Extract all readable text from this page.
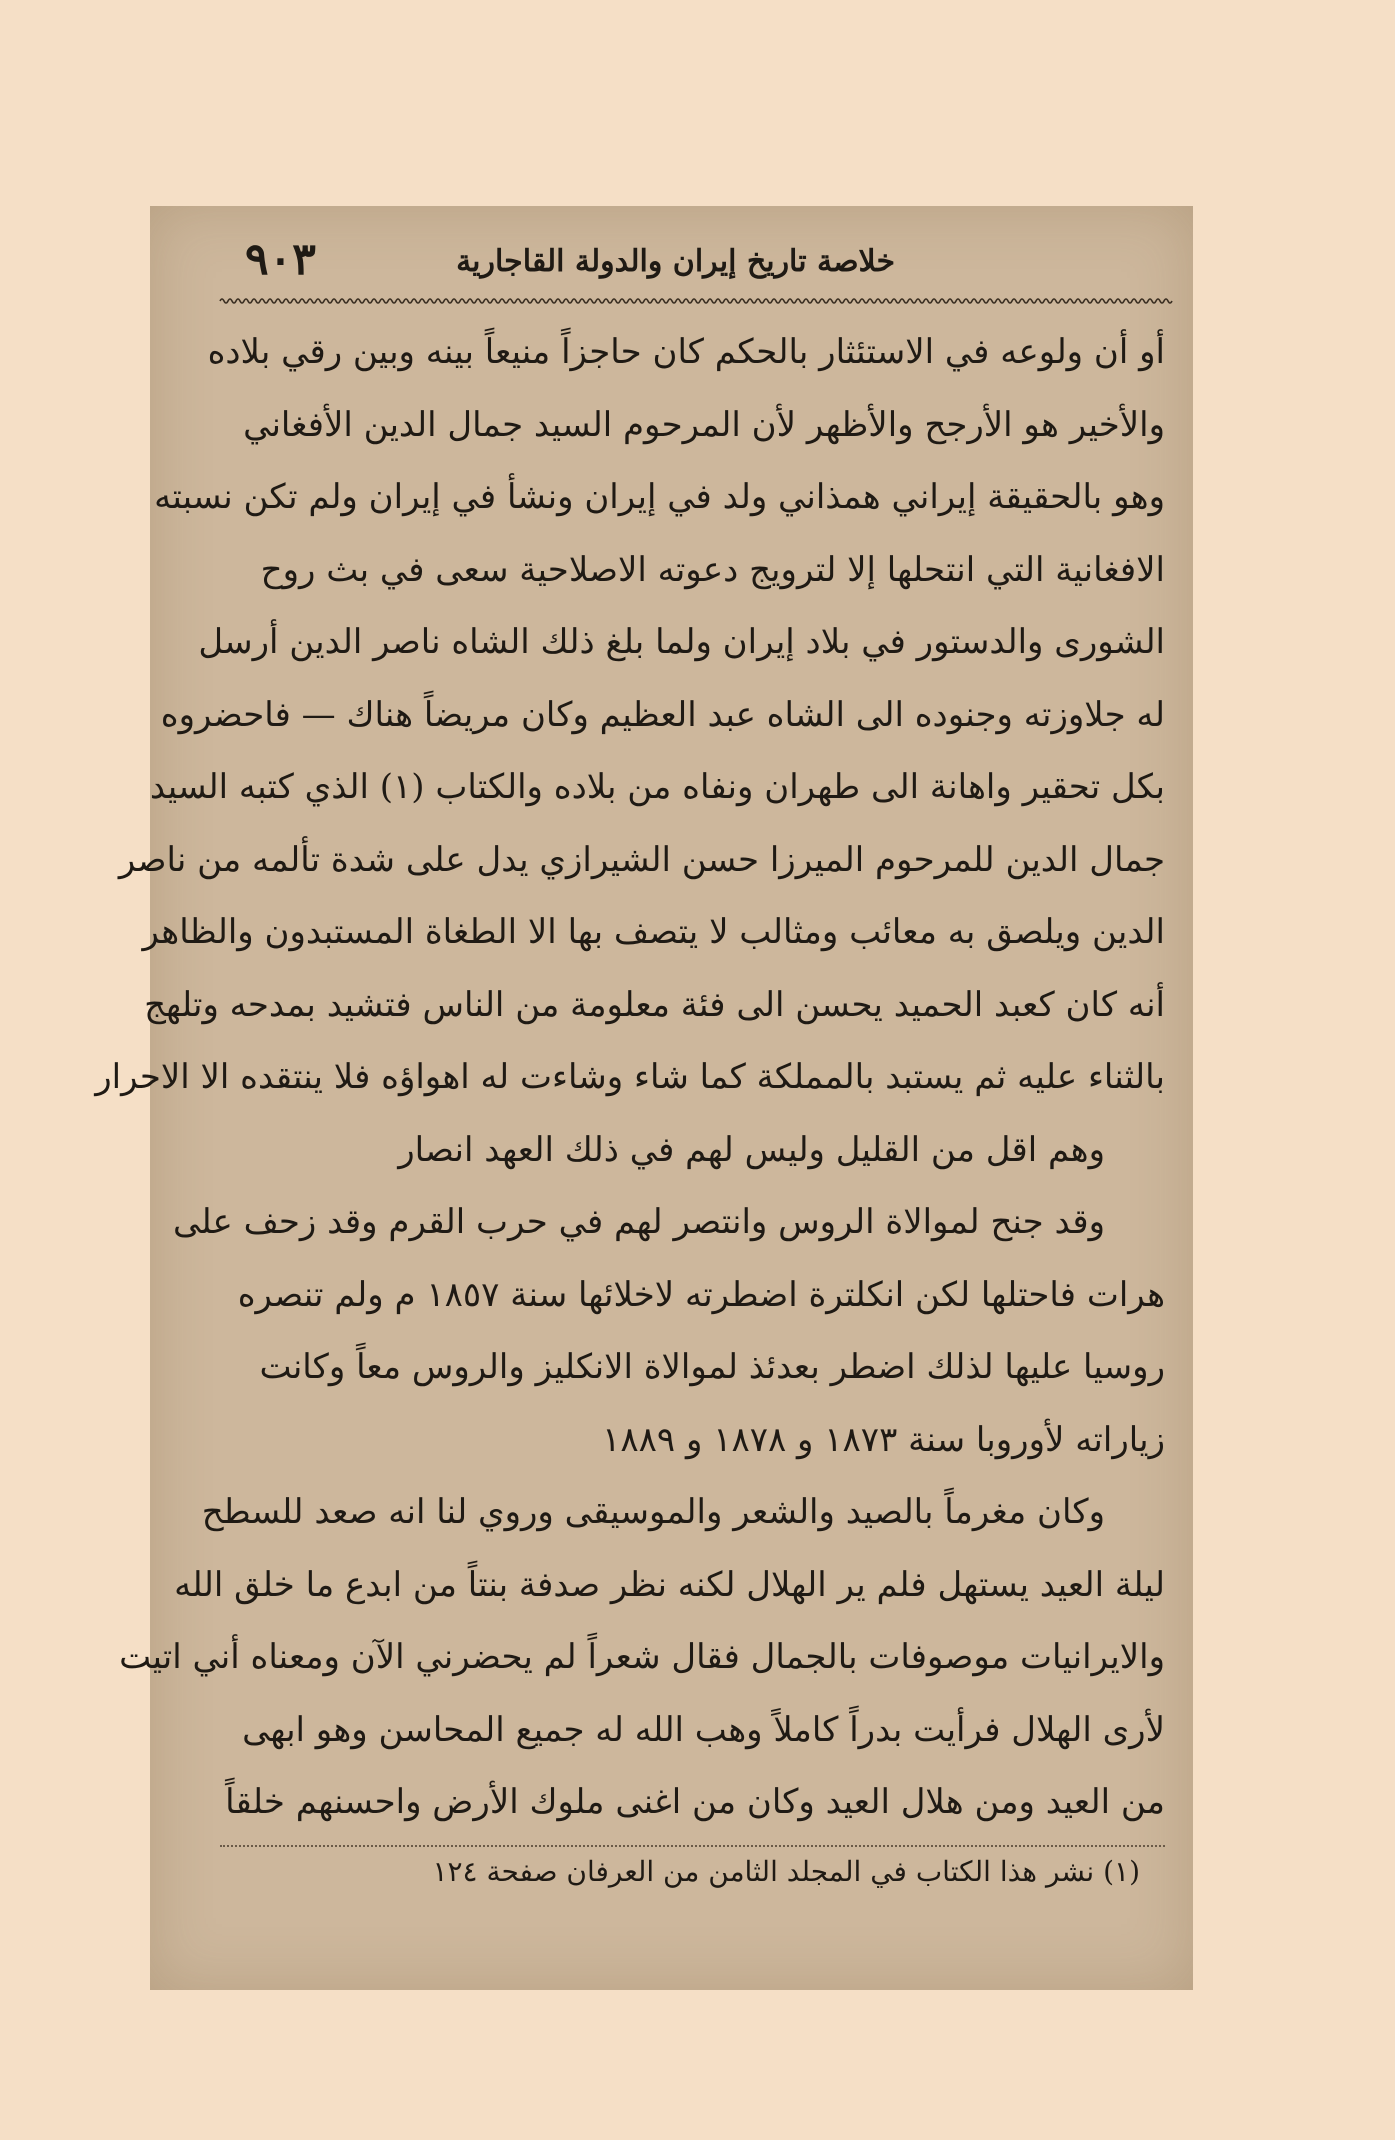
خلاصة تاريخ إيران والدولة القاجارية
٩٠٣
أو أن ولوعه في الاستئثار بالحكم كان حاجزاً منيعاً بينه وبين رقي بلاده
والأخير هو الأرجح والأظهر لأن المرحوم السيد جمال الدين الأفغاني
وهو بالحقيقة إيراني همذاني ولد في إيران ونشأ في إيران ولم تكن نسبته
الافغانية التي انتحلها إلا لترويج دعوته الاصلاحية سعى في بث روح
الشورى والدستور في بلاد إيران ولما بلغ ذلك الشاه ناصر الدين أرسل
له جلاوزته وجنوده الى الشاه عبد العظيم وكان مريضاً هناك — فاحضروه
بكل تحقير واهانة الى طهران ونفاه من بلاده والكتاب (١) الذي كتبه السيد
جمال الدين للمرحوم الميرزا حسن الشيرازي يدل على شدة تألمه من ناصر
الدين ويلصق به معائب ومثالب لا يتصف بها الا الطغاة المستبدون والظاهر
أنه كان كعبد الحميد يحسن الى فئة معلومة من الناس فتشيد بمدحه وتلهج
بالثناء عليه ثم يستبد بالمملكة كما شاء وشاءت له اهواؤه فلا ينتقده الا الاحرار
وهم اقل من القليل وليس لهم في ذلك العهد انصار
وقد جنح لموالاة الروس وانتصر لهم في حرب القرم وقد زحف على
هرات فاحتلها لكن انكلترة اضطرته لاخلائها سنة ١٨٥٧ م ولم تنصره
روسيا عليها لذلك اضطر بعدئذ لموالاة الانكليز والروس معاً وكانت
زياراته لأوروبا سنة ١٨٧٣ و ١٨٧٨ و ١٨٨٩
وكان مغرماً بالصيد والشعر والموسيقى وروي لنا انه صعد للسطح
ليلة العيد يستهل فلم ير الهلال لكنه نظر صدفة بنتاً من ابدع ما خلق الله
والايرانيات موصوفات بالجمال فقال شعراً لم يحضرني الآن ومعناه أني اتيت
لأرى الهلال فرأيت بدراً كاملاً وهب الله له جميع المحاسن وهو ابهى
من العيد ومن هلال العيد وكان من اغنى ملوك الأرض واحسنهم خلقاً
(١) نشر هذا الكتاب في المجلد الثامن من العرفان صفحة ١٢٤
